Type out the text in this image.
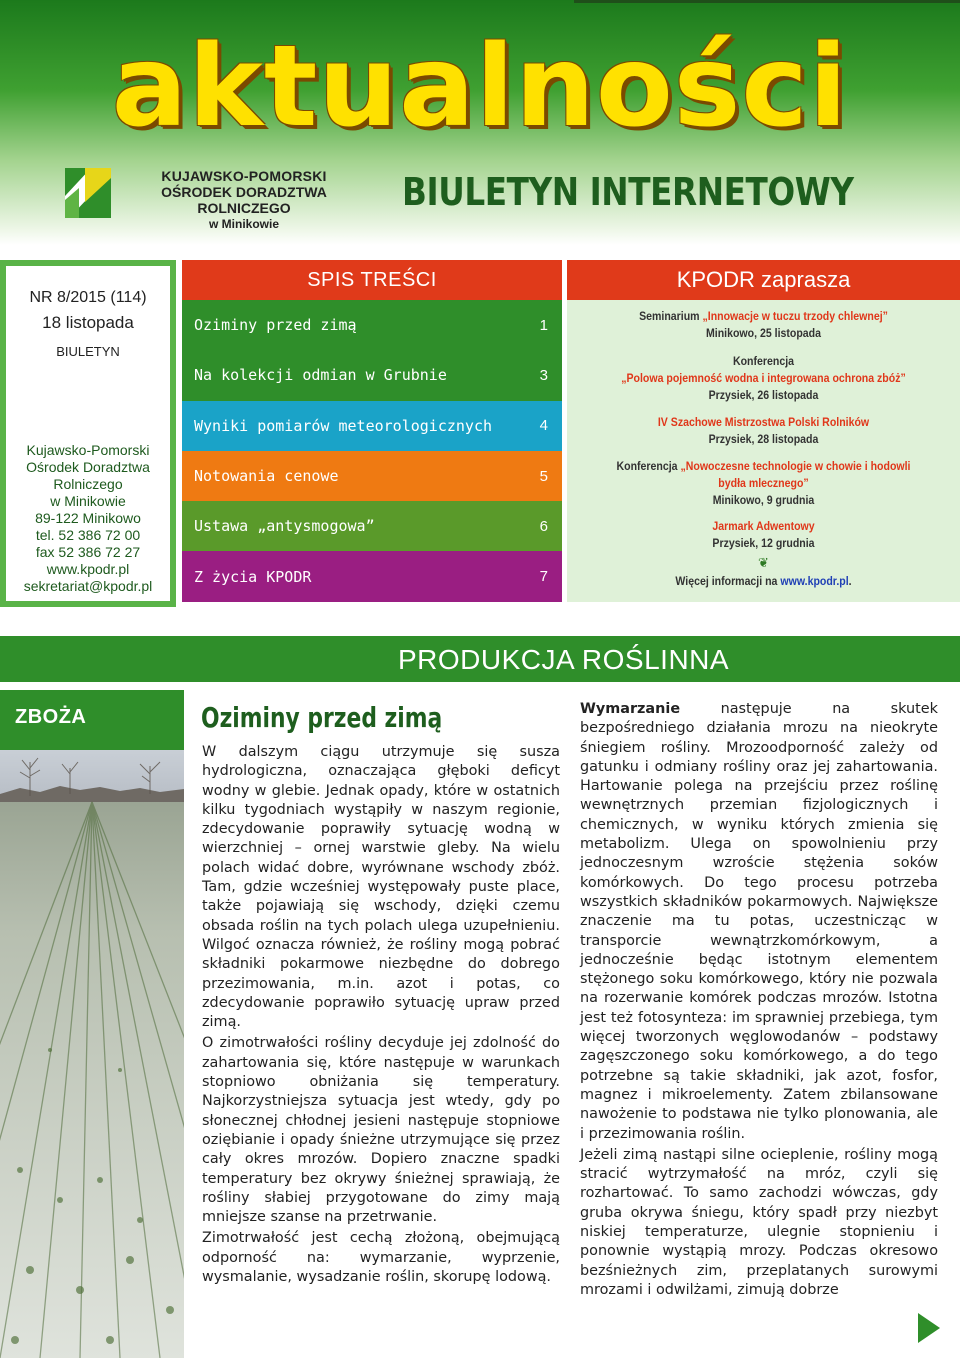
aktualności
KUJAWSKO-POMORSKI
OŚRODEK DORADZTWA ROLNICZEGO
w Minikowie
BIULETYN INTERNETOWY
NR 8/2015 (114)
18 listopada
BIULETYN
Kujawsko-Pomorski
Ośrodek Doradztwa
Rolniczego
w Minikowie
89-122 Minikowo
tel. 52 386 72 00
fax 52 386 72 27
www.kpodr.pl
sekretariat@kpodr.pl
SPIS TREŚCI
Oziminy przed zimą	1
Na kolekcji odmian w Grubnie	3
Wyniki pomiarów meteorologicznych	4
Notowania cenowe	5
Ustawa „antysmogowa”	6
Z życia KPODR	7
KPODR zaprasza
Seminarium „Innowacje w tuczu trzody chlewnej”
Minikowo, 25 listopada
Konferencja
„Polowa pojemność wodna i integrowana ochrona zbóż”
Przysiek, 26 listopada
IV Szachowe Mistrzostwa Polski Rolników
Przysiek, 28 listopada
Konferencja „Nowoczesne technologie w chowie i hodowli bydła mlecznego”
Minikowo, 9 grudnia
Jarmark Adwentowy
Przysiek, 12 grudnia
❦
Więcej informacji na www.kpodr.pl.
PRODUKCJA ROŚLINNA
ZBOŻA	Oziminy przed zimą

W dalszym ciągu utrzymuje się susza hydrologiczna, oznaczająca głęboki deficyt wodny w glebie. Jednak opady, które w ostatnich kilku tygodniach wystąpiły w naszym regionie, zdecydowanie poprawiły sytuację wodną w wierzchniej – ornej warstwie gleby. Na wielu polach widać dobre, wyrównane wschody zbóż. Tam, gdzie wcześniej występowały puste place, także pojawiają się wschody, dzięki czemu obsada roślin na tych polach ulega uzupełnieniu. Wilgoć oznacza również, że rośliny mogą pobrać składniki pokarmowe niezbędne do dobrego przezimowania, m.in. azot i potas, co zdecydowanie poprawiło sytuację upraw przed zimą.

O zimotrwałości rośliny decyduje jej zdolność do zahartowania się, które następuje w warunkach stopniowo obniżania się temperatury. Najkorzystniejsza sytuacja jest wtedy, gdy po słonecznej chłodnej jesieni następuje stopniowe oziębianie i opady śnieżne utrzymujące się przez cały okres mrozów. Dopiero znaczne spadki temperatury bez okrywy śnieżnej sprawiają, że rośliny słabiej przygotowane do zimy mają mniejsze szanse na przetrwanie.

Zimotrwałość jest cechą złożoną, obejmującą odporność na: wymarzanie, wyprzenie, wysmalanie, wysadzanie roślin, skorupę lodową.

Wymarzanie następuje na skutek bezpośredniego działania mrozu na nieokryte śniegiem rośliny. Mrozoodporność zależy od gatunku i odmiany rośliny oraz jej zahartowania. Hartowanie polega na przejściu przez roślinę wewnętrznych przemian fizjologicznych i chemicznych, w wyniku których zmienia się metabolizm. Ulega on spowolnieniu przy jednoczesnym wzroście stężenia soków komórkowych. Do tego procesu potrzeba wszystkich składników pokarmowych. Największe znaczenie ma tu potas, uczestnicząc w transporcie wewnątrzkomórkowym, a jednocześnie będąc istotnym elementem stężonego soku komórkowego, który nie pozwala na rozerwanie komórek podczas mrozów. Istotna jest też fotosynteza: im sprawniej przebiega, tym więcej tworzonych węglowodanów – podstawy zagęszczonego soku komórkowego, a do tego potrzebne są takie składniki, jak azot, fosfor, magnez i mikroelementy. Zatem zbilansowane nawożenie to podstawa nie tylko plonowania, ale i przezimowania roślin.

Jeżeli zimą nastąpi silne ocieplenie, rośliny mogą stracić wytrzymałość na mróz, czyli się rozhartować. To samo zachodzi wówczas, gdy gruba okrywa śniegu, który spadł przy niezbyt niskiej temperaturze, ulegnie stopnieniu i ponownie wystąpią mrozy. Podczas okresowo bezśnieżnych zim, przeplatanych surowymi mrozami i odwilżami, zimują dobrze
